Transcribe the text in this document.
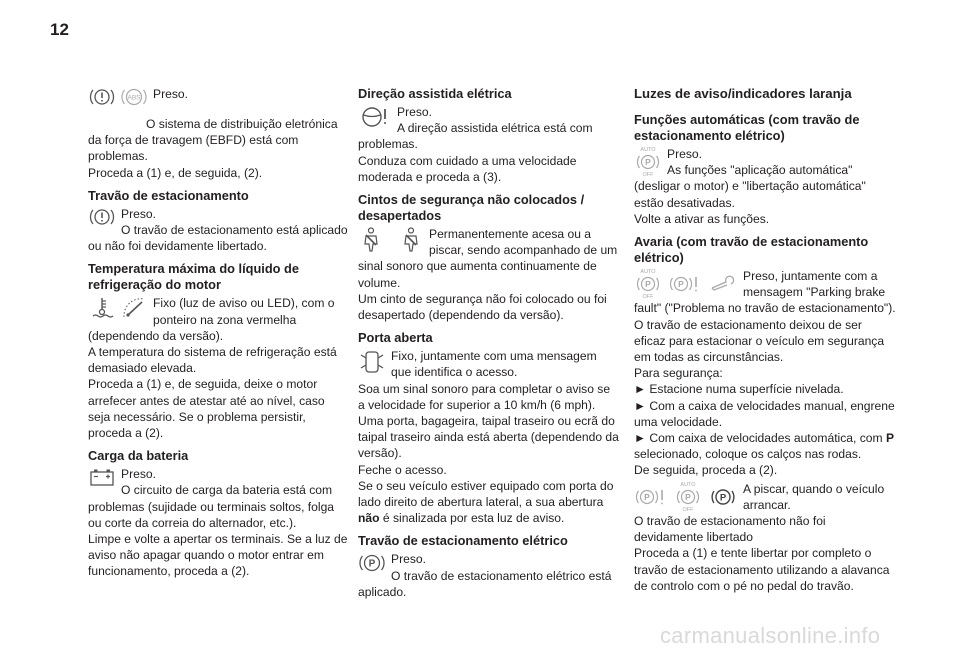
12
ABS	Preso.

O sistema de distribuição eletrónica da força de travagem (EBFD) está com problemas.

Proceda a (1) e, de seguida, (2).

Travão de estacionamento

Preso.

O travão de estacionamento está aplicado ou não foi devidamente libertado.

Temperatura máxima do líquido de refrigeração do motor

Fixo (luz de aviso ou LED), com o ponteiro na zona vermelha (dependendo da versão).

A temperatura do sistema de refrigeração está demasiado elevada.

Proceda a (1) e, de seguida, deixe o motor arrefecer antes de atestar até ao nível, caso seja necessário. Se o problema persistir, proceda a (2).

Carga da bateria

Preso.

O circuito de carga da bateria está com problemas (sujidade ou terminais soltos, folga ou corte da correia do alternador, etc.).

Limpe e volte a apertar os terminais. Se a luz de aviso não apagar quando o motor entrar em funcionamento, proceda a (2).

Direção assistida elétrica

Preso.

A direção assistida elétrica está com problemas.

Conduza com cuidado a uma velocidade moderada e proceda a (3).

Cintos de segurança não colocados / desapertados

Permanentemente acesa ou a piscar, sendo acompanhado de um sinal sonoro que aumenta continuamente de volume.

Um cinto de segurança não foi colocado ou foi desapertado (dependendo da versão).

Porta aberta

Fixo, juntamente com uma mensagem que identifica o acesso.

Soa um sinal sonoro para completar o aviso se a velocidade for superior a 10 km/h (6 mph).

Uma porta, bagageira, taipal traseiro ou ecrã do taipal traseiro ainda está aberta (dependendo da versão).

Feche o acesso.

Se o seu veículo estiver equipado com porta do lado direito de abertura lateral, a sua abertura não é sinalizada por esta luz de aviso.

Travão de estacionamento elétrico
P	Preso.

O travão de estacionamento elétrico está aplicado.

Luzes de aviso/indicadores laranja
Funções automáticas (com travão de estacionamento elétrico)
AUTO
P
OFF

Preso.

As funções "aplicação automática" (desligar o motor) e "libertação automática" estão desativadas.

Volte a ativar as funções.

Avaria (com travão de estacionamento elétrico)
AUTO
P
OFF
P

Preso, juntamente com a mensagem "Parking brake fault" ("Problema no travão de estacionamento").

O travão de estacionamento deixou de ser eficaz para estacionar o veículo em segurança em todas as circunstâncias.

Para segurança:

► Estacione numa superfície nivelada.

► Com a caixa de velocidades manual, engrene uma velocidade.

► Com caixa de velocidades automática, com P selecionado, coloque os calços nas rodas.

De seguida, proceda a (2).

P
AUTO
P
OFF
P

A piscar, quando o veículo arrancar.

O travão de estacionamento não foi devidamente libertado

Proceda a (1) e tente libertar por completo o travão de estacionamento utilizando a alavanca de controlo com o pé no pedal do travão.

carmanualsonline.info
